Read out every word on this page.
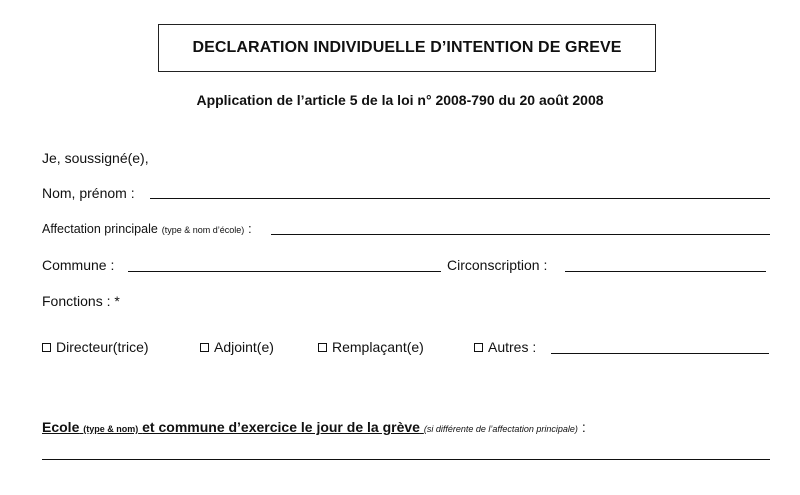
DECLARATION INDIVIDUELLE D’INTENTION DE GREVE
Application de l’article 5 de la loi n° 2008-790 du 20 août 2008
Je, soussigné(e),
Nom, prénom :
Affectation principale (type & nom d’école) :
Commune :	Circonscription :
Fonctions : *
Directeur(trice)	Adjoint(e)	Remplaçant(e)	Autres :
Ecole (type & nom) et commune d’exercice le jour de la grève (si différente de l’affectation principale) :
